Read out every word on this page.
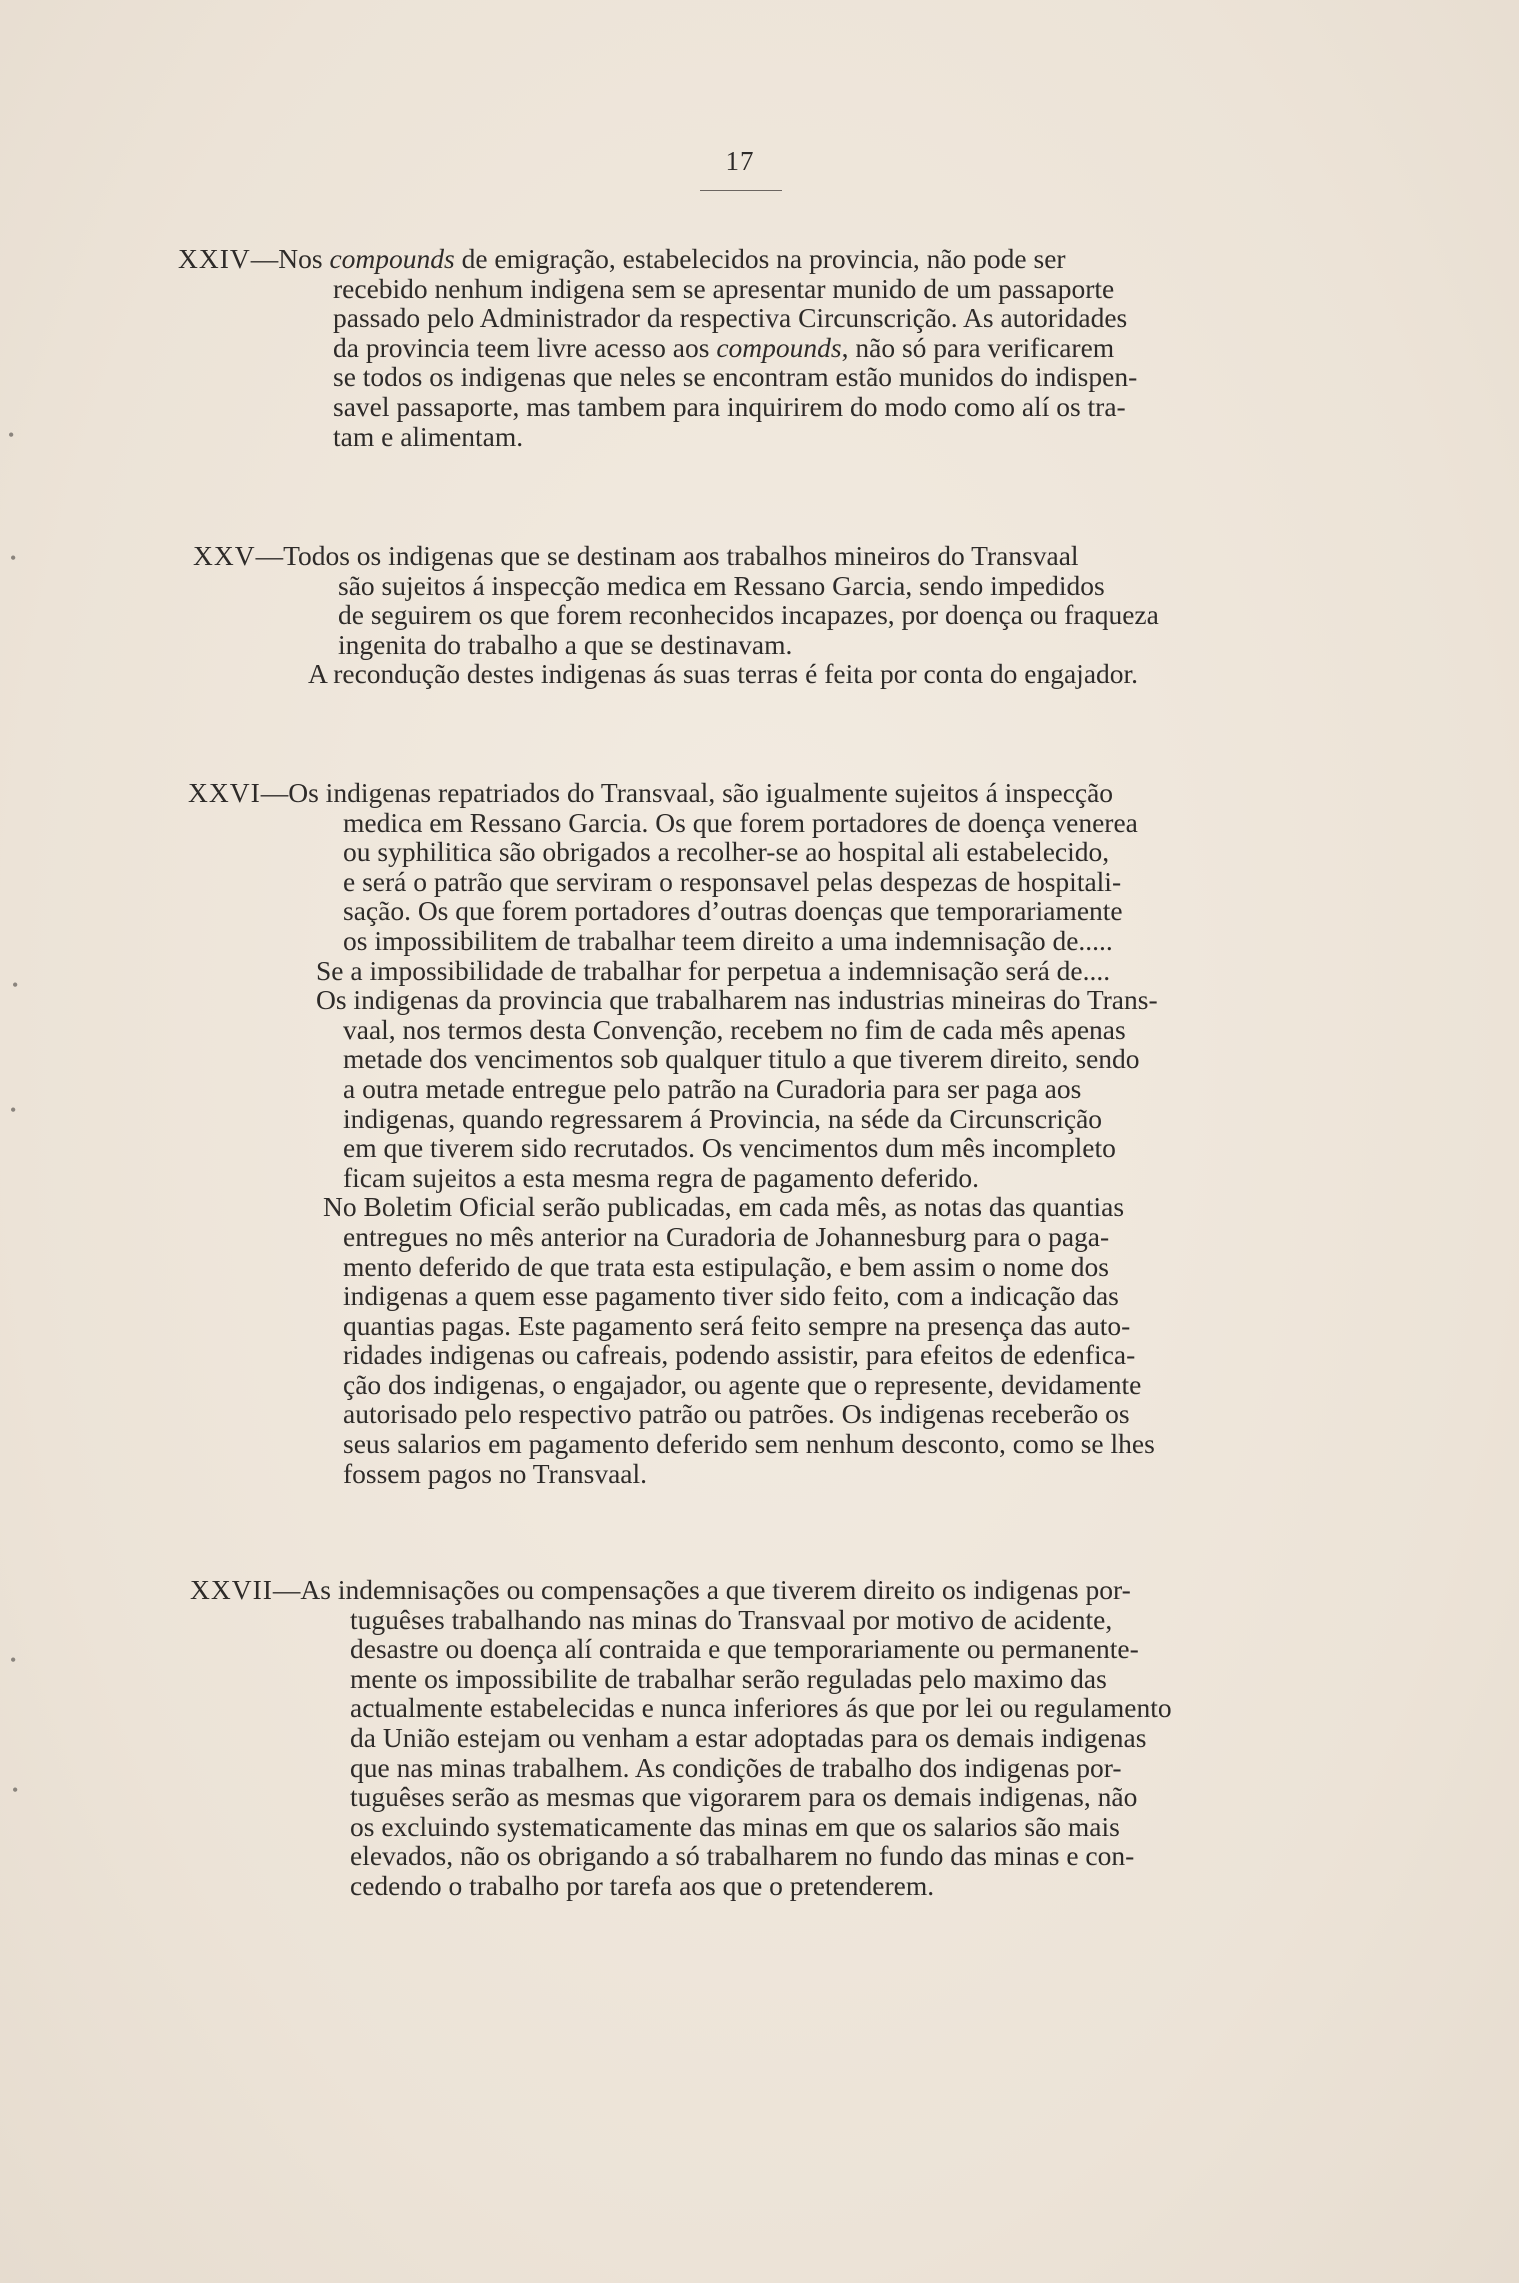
17
XXIV—Nos compounds de emigração, estabelecidos na provincia, não pode ser
recebido nenhum indigena sem se apresentar munido de um passaporte
passado pelo Administrador da respectiva Circunscrição. As autoridades
da provincia teem livre acesso aos compounds, não só para verificarem
se todos os indigenas que neles se encontram estão munidos do indispen-
savel passaporte, mas tambem para inquirirem do modo como alí os tra-
tam e alimentam.
XXV—Todos os indigenas que se destinam aos trabalhos mineiros do Transvaal
são sujeitos á inspecção medica em Ressano Garcia, sendo impedidos
de seguirem os que forem reconhecidos incapazes, por doença ou fraqueza
ingenita do trabalho a que se destinavam.
A recondução destes indigenas ás suas terras é feita por conta do engajador.
XXVI—Os indigenas repatriados do Transvaal, são igualmente sujeitos á inspecção
medica em Ressano Garcia. Os que forem portadores de doença venerea
ou syphilitica são obrigados a recolher-se ao hospital ali estabelecido,
e será o patrão que serviram o responsavel pelas despezas de hospitali-
sação. Os que forem portadores d’outras doenças que temporariamente
os impossibilitem de trabalhar teem direito a uma indemnisação de.....
Se a impossibilidade de trabalhar for perpetua a indemnisação será de....
Os indigenas da provincia que trabalharem nas industrias mineiras do Trans-
vaal, nos termos desta Convenção, recebem no fim de cada mês apenas
metade dos vencimentos sob qualquer titulo a que tiverem direito, sendo
a outra metade entregue pelo patrão na Curadoria para ser paga aos
indigenas, quando regressarem á Provincia, na séde da Circunscrição
em que tiverem sido recrutados. Os vencimentos dum mês incompleto
ficam sujeitos a esta mesma regra de pagamento deferido.
No Boletim Oficial serão publicadas, em cada mês, as notas das quantias
entregues no mês anterior na Curadoria de Johannesburg para o paga-
mento deferido de que trata esta estipulação, e bem assim o nome dos
indigenas a quem esse pagamento tiver sido feito, com a indicação das
quantias pagas. Este pagamento será feito sempre na presença das auto-
ridades indigenas ou cafreais, podendo assistir, para efeitos de edenfica-
ção dos indigenas, o engajador, ou agente que o represente, devidamente
autorisado pelo respectivo patrão ou patrões. Os indigenas receberão os
seus salarios em pagamento deferido sem nenhum desconto, como se lhes
fossem pagos no Transvaal.
XXVII—As indemnisações ou compensações a que tiverem direito os indigenas por-
tuguêses trabalhando nas minas do Transvaal por motivo de acidente,
desastre ou doença alí contraida e que temporariamente ou permanente-
mente os impossibilite de trabalhar serão reguladas pelo maximo das
actualmente estabelecidas e nunca inferiores ás que por lei ou regulamento
da União estejam ou venham a estar adoptadas para os demais indigenas
que nas minas trabalhem. As condições de trabalho dos indigenas por-
tuguêses serão as mesmas que vigorarem para os demais indigenas, não
os excluindo systematicamente das minas em que os salarios são mais
elevados, não os obrigando a só trabalharem no fundo das minas e con-
cedendo o trabalho por tarefa aos que o pretenderem.
•
•
•
•
•
•
